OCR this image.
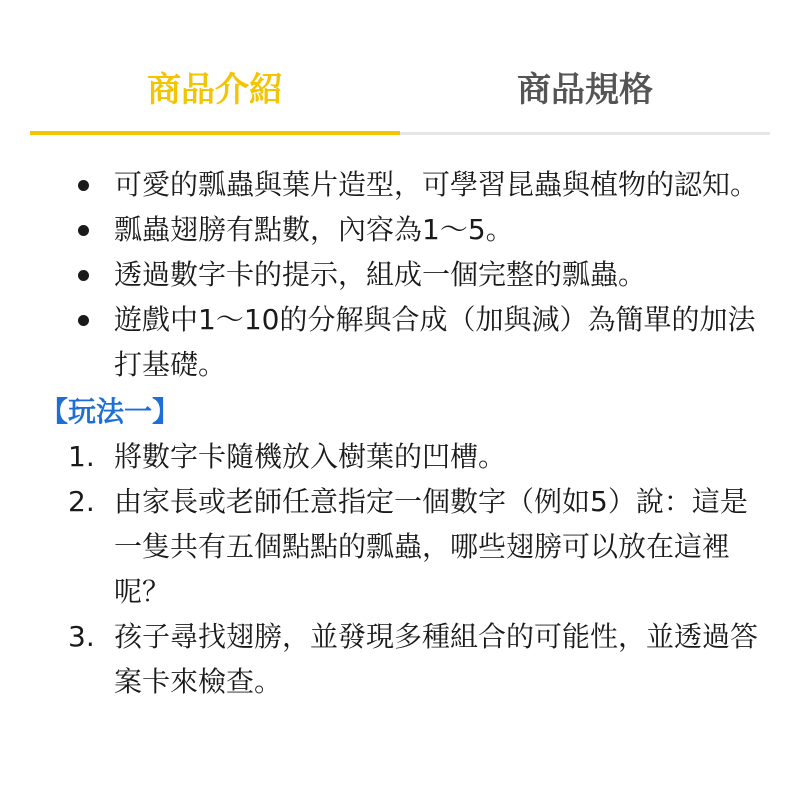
商品介紹	商品規格
可愛的瓢蟲與葉片造型，可學習昆蟲與植物的認知。
瓢蟲翅膀有點數，內容為1～5。
透過數字卡的提示，組成一個完整的瓢蟲。
遊戲中1～10的分解與合成（加與減）為簡單的加法打基礎。
【玩法一】
1. 將數字卡隨機放入樹葉的凹槽。
2. 由家長或老師任意指定一個數字（例如5）說：這是一隻共有五個點點的瓢蟲，哪些翅膀可以放在這裡呢？
3. 孩子尋找翅膀，並發現多種組合的可能性，並透過答案卡來檢查。
